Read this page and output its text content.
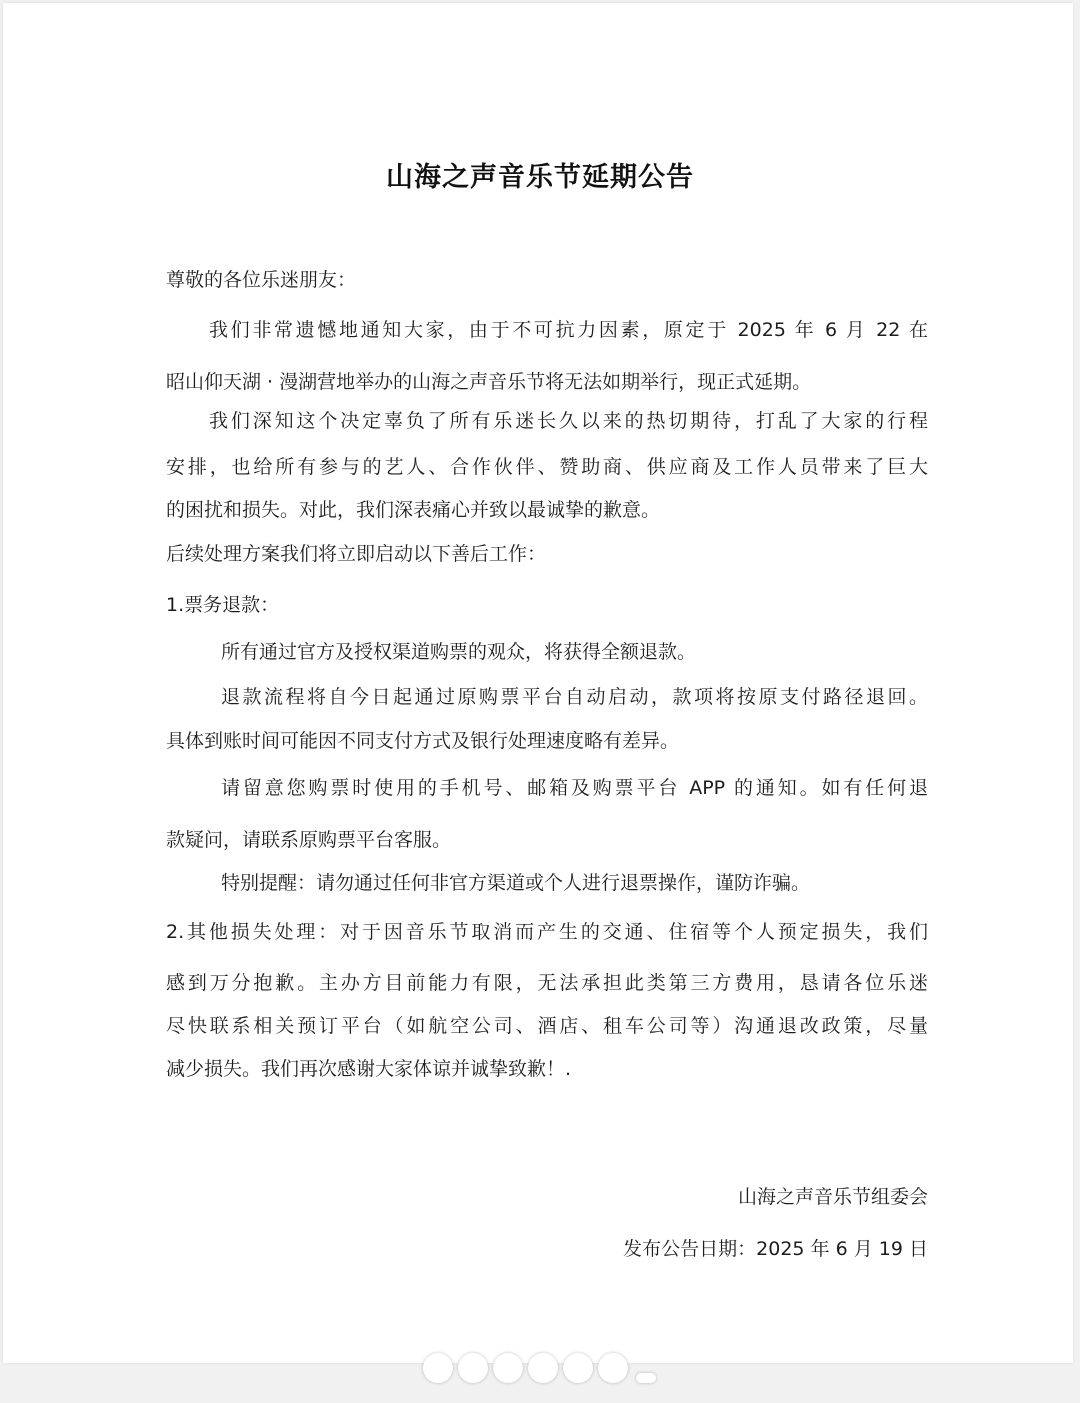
山海之声音乐节延期公告
尊敬的各位乐迷朋友：
我们非常遗憾地通知大家，由于不可抗力因素，原定于 2025 年 6 月 22 在
昭山仰天湖 · 漫湖营地举办的山海之声音乐节将无法如期举行，现正式延期。
我们深知这个决定辜负了所有乐迷长久以来的热切期待，打乱了大家的行程
安排，也给所有参与的艺人、合作伙伴、赞助商、供应商及工作人员带来了巨大
的困扰和损失。对此，我们深表痛心并致以最诚挚的歉意。
后续处理方案我们将立即启动以下善后工作：
1.票务退款：
所有通过官方及授权渠道购票的观众，将获得全额退款。
退款流程将自今日起通过原购票平台自动启动，款项将按原支付路径退回。
具体到账时间可能因不同支付方式及银行处理速度略有差异。
请留意您购票时使用的手机号、邮箱及购票平台 APP 的通知。如有任何退
款疑问，请联系原购票平台客服。
特别提醒：请勿通过任何非官方渠道或个人进行退票操作，谨防诈骗。
2.其他损失处理：对于因音乐节取消而产生的交通、住宿等个人预定损失，我们
感到万分抱歉。主办方目前能力有限，无法承担此类第三方费用，恳请各位乐迷
尽快联系相关预订平台（如航空公司、酒店、租车公司等）沟通退改政策，尽量
减少损失。我们再次感谢大家体谅并诚挚致歉！.
山海之声音乐节组委会
发布公告日期：2025 年 6 月 19 日
